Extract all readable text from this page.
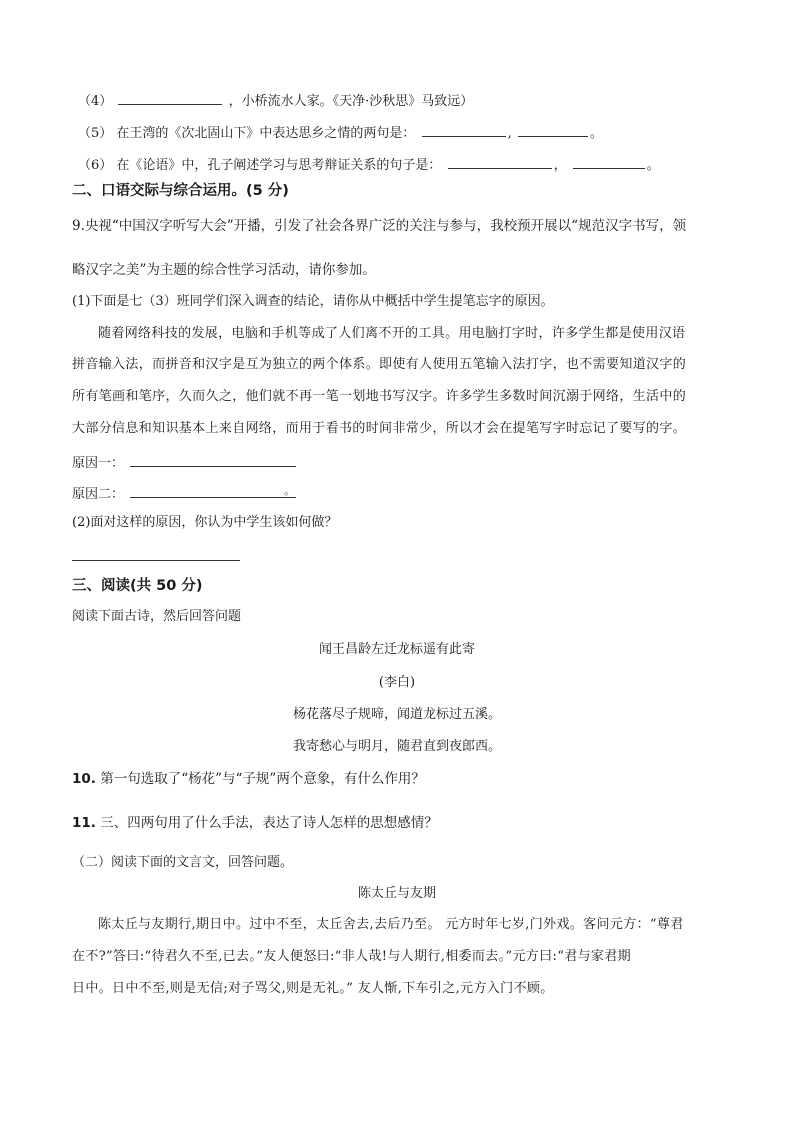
（4）	，小桥流水人家。《天净·沙秋思》马致远）
（5） 在王湾的《次北固山下》中表达思乡之情的两句是：	,	。
（6） 在《论语》中，孔子阐述学习与思考辩证关系的句子是：	，	。
二、口语交际与综合运用。(5 分)
9.央视“中国汉字听写大会”开播，引发了社会各界广泛的关注与参与，我校预开展以“规范汉字书写，领
略汉字之美”为主题的综合性学习活动，请你参加。
(1)下面是七（3）班同学们深入调查的结论，请你从中概括中学生提笔忘字的原因。
随着网络科技的发展，电脑和手机等成了人们离不开的工具。用电脑打字时，许多学生都是使用汉语
拼音输入法，而拼音和汉字是互为独立的两个体系。即使有人使用五笔输入法打字，也不需要知道汉字的
所有笔画和笔序，久而久之，他们就不再一笔一划地书写汉字。许多学生多数时间沉溺于网络，生活中的
大部分信息和知识基本上来自网络，而用于看书的时间非常少，所以才会在提笔写字时忘记了要写的字。
原因一：
原因二：	。
(2)面对这样的原因，你认为中学生该如何做？
三、阅读(共 50 分)
阅读下面古诗，然后回答问题
闻王昌龄左迁龙标遥有此寄
(李白)
杨花落尽子规啼，闻道龙标过五溪。
我寄愁心与明月，随君直到夜郎西。
10. 第一句选取了“杨花”与“子规”两个意象，有什么作用？
11. 三、四两句用了什么手法，表达了诗人怎样的思想感情？
（二）阅读下面的文言文，回答问题。
陈太丘与友期
陈太丘与友期行,期日中。过中不至，太丘舍去,去后乃至。 元方时年七岁,门外戏。客问元方：“尊君
在不?”答曰:“待君久不至,已去。”友人便怒曰:“非人哉!与人期行,相委而去。”元方曰:“君与家君期
日中。日中不至,则是无信;对子骂父,则是无礼。” 友人惭,下车引之,元方入门不顾。
